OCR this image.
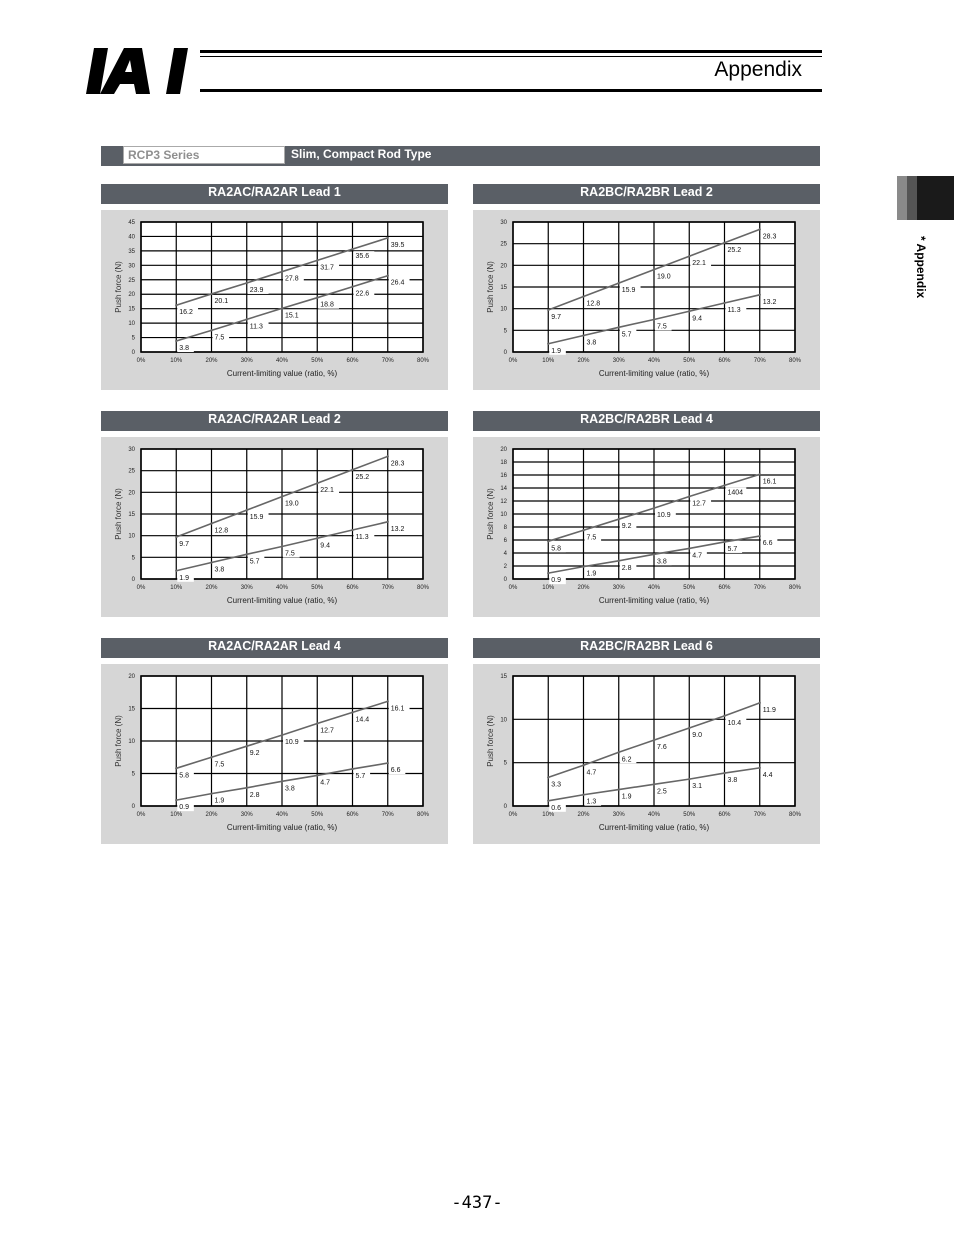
Appendix
* Appendix
RCP3 Series	Slim, Compact Rod Type
RA2AC/RA2AR Lead 1
0%	10%	20%	30%	40%	50%	60%	70%	80%
0
5
10
15
20
25
30
35
40
45
Push force (N)
Current-limiting value (ratio, %)
16.2
20.1
23.9
27.8
31.7
35.6
39.5
3.8
7.5
11.3
15.1
18.8
22.6
26.4
RA2BC/RA2BR Lead 2
0%	10%	20%	30%	40%	50%	60%	70%	80%
0
5
10
15
20
25
30
Push force (N)
Current-limiting value (ratio, %)
9.7
12.8
15.9
19.0
22.1
25.2
28.3
1.9
3.8
5.7
7.5
9.4
11.3
13.2
RA2AC/RA2AR Lead 2
0%	10%	20%	30%	40%	50%	60%	70%	80%
0
5
10
15
20
25
30
Push force (N)
Current-limiting value (ratio, %)
9.7
12.8
15.9
19.0
22.1
25.2
28.3
1.9
3.8
5.7
7.5
9.4
11.3
13.2
RA2BC/RA2BR Lead 4
0%	10%	20%	30%	40%	50%	60%	70%	80%
0
2
4
6
8
10
12
14
16
18
20
Push force (N)
Current-limiting value (ratio, %)
5.8
7.5
9.2
10.9
12.7
1404
16.1
0.9
1.9
2.8
3.8
4.7
5.7
6.6
RA2AC/RA2AR Lead 4
0%	10%	20%	30%	40%	50%	60%	70%	80%
0
5
10
15
20
Push force (N)
Current-limiting value (ratio, %)
5.8
7.5
9.2
10.9
12.7
14.4
16.1
0.9
1.9
2.8
3.8
4.7
5.7
6.6
RA2BC/RA2BR Lead 6
0%	10%	20%	30%	40%	50%	60%	70%	80%
0
5
10
15
Push force (N)
Current-limiting value (ratio, %)
3.3
4.7
6.2
7.6
9.0
10.4
11.9
0.6
1.3
1.9
2.5
3.1
3.8
4.4
-437-
